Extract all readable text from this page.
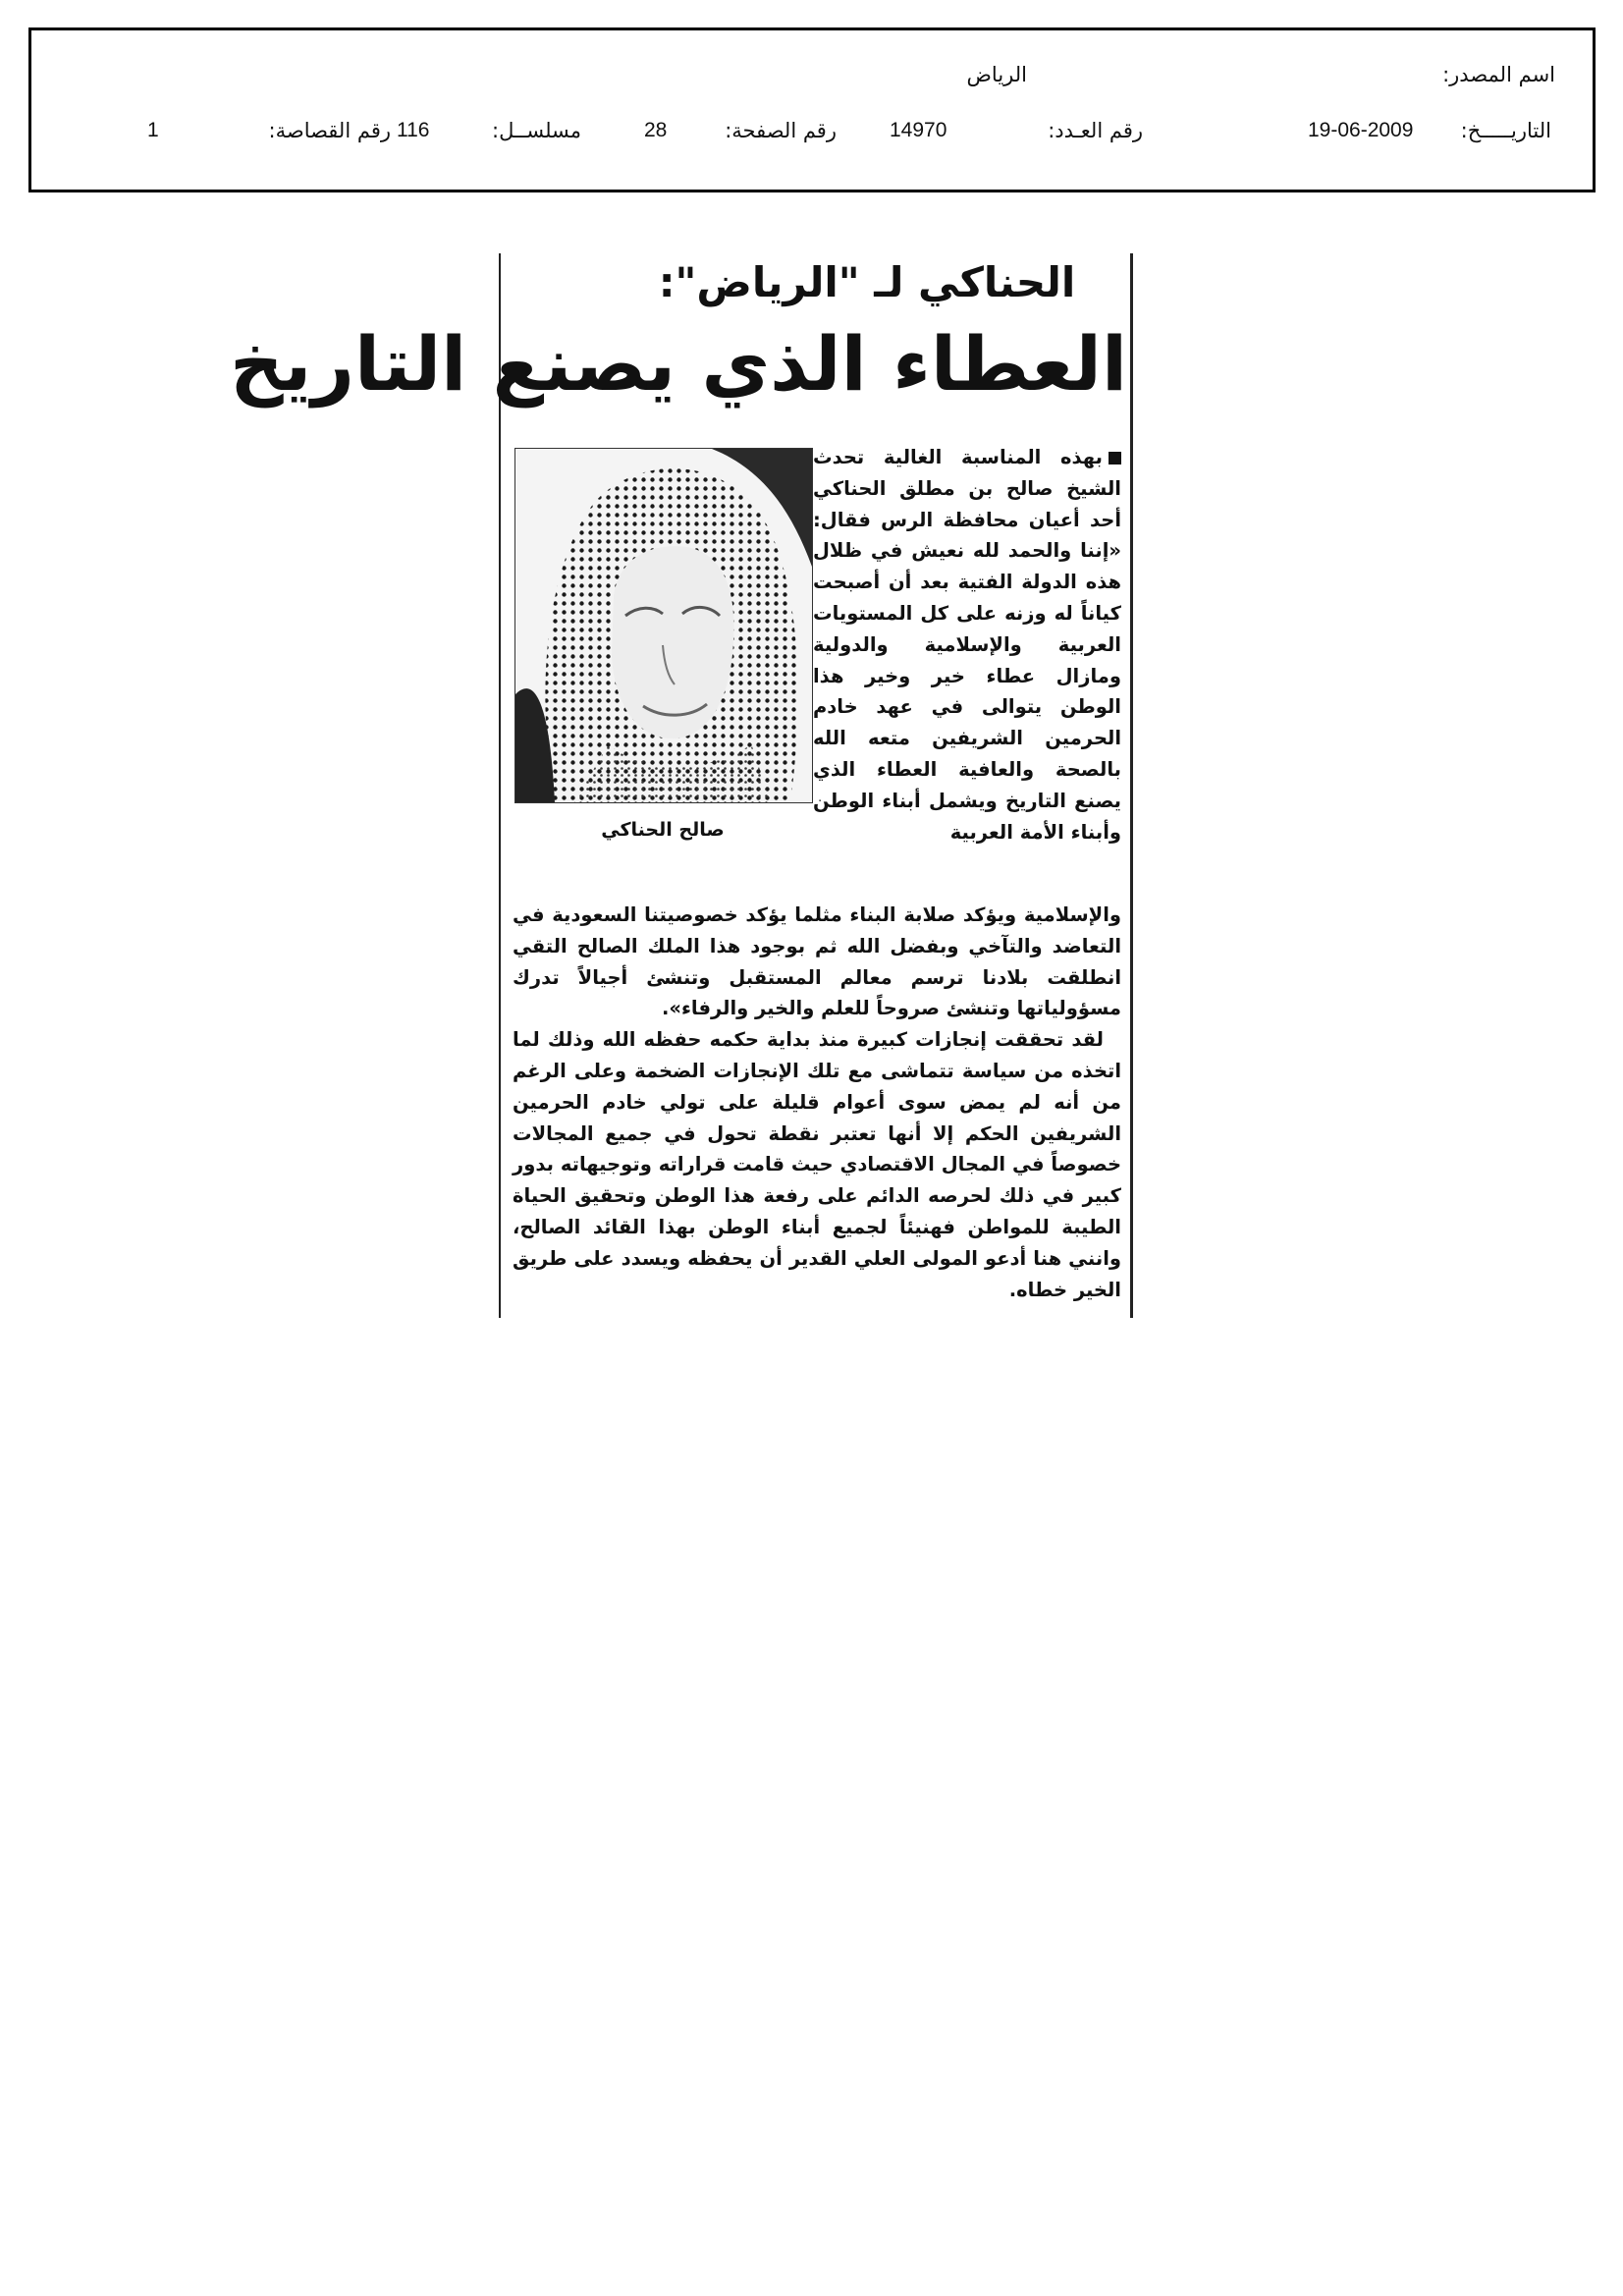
اسم المصدر:
الرياض
التاريـــــخ:
19-06-2009
رقم العـدد:
14970
رقم الصفحة:
28
مسلســل:
116
رقم القصاصة:
1
الحناكي لـ "الرياض":
العطاء الذي يصنع التاريخ
صالح الحناكي

بهذه المناسبة الغالية تحدث الشيخ صالح بن مطلق الحناكي أحد أعيان محافظة الرس فقال: «إننا والحمد لله نعيش في ظلال هذه الدولة الفتية بعد أن أصبحت كياناً له وزنه على كل المستويات العربية والإسلامية والدولية ومازال عطاء خير وخير هذا الوطن يتوالى في عهد خادم الحرمين الشريفين متعه الله بالصحة والعافية العطاء الذي يصنع التاريخ ويشمل أبناء الوطن وأبناء الأمة العربية

والإسلامية ويؤكد صلابة البناء مثلما يؤكد خصوصيتنا السعودية في التعاضد والتآخي وبفضل الله ثم بوجود هذا الملك الصالح التقي انطلقت بلادنا ترسم معالم المستقبل وتنشئ أجيالاً تدرك مسؤولياتها وتنشئ صروحاً للعلم والخير والرفاء».

لقد تحققت إنجازات كبيرة منذ بداية حكمه حفظه الله وذلك لما اتخذه من سياسة تتماشى مع تلك الإنجازات الضخمة وعلى الرغم من أنه لم يمض سوى أعوام قليلة على تولي خادم الحرمين الشريفين الحكم إلا أنها تعتبر نقطة تحول في جميع المجالات خصوصاً في المجال الاقتصادي حيث قامت قراراته وتوجيهاته بدور كبير في ذلك لحرصه الدائم على رفعة هذا الوطن وتحقيق الحياة الطيبة للمواطن فهنيئاً لجميع أبناء الوطن بهذا القائد الصالح، وانني هنا أدعو المولى العلي القدير أن يحفظه ويسدد على طريق الخير خطاه.
